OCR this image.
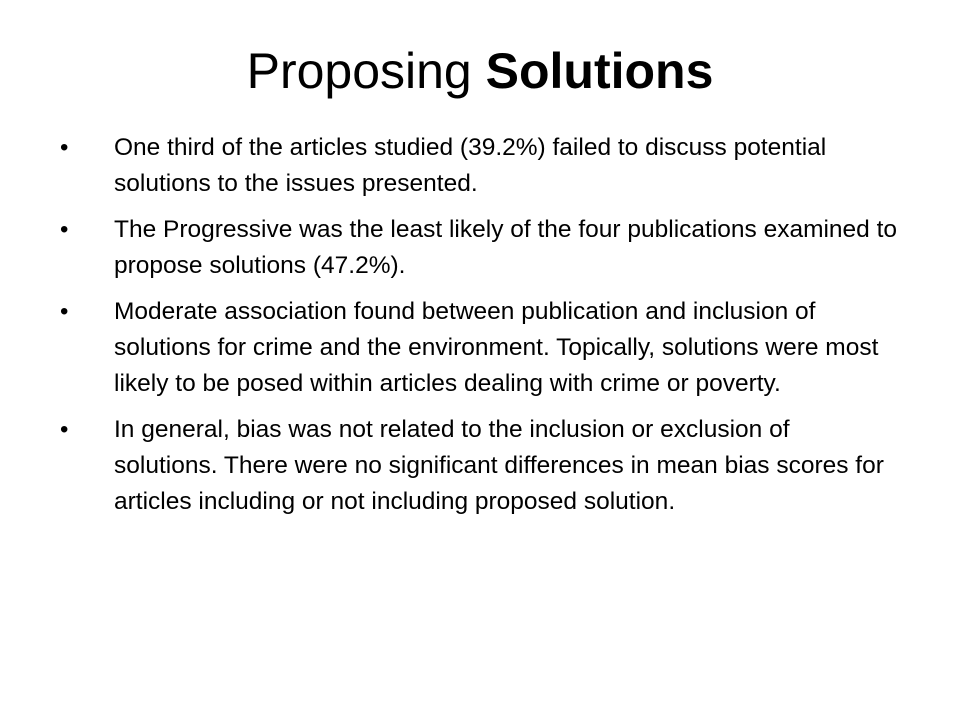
Proposing Solutions
•	One third of the articles studied (39.2%) failed to discuss potential solutions to the issues presented.
•	The Progressive was the least likely of the four publications examined to propose solutions (47.2%).
•	Moderate association found between publication and inclusion of solutions for crime and the environment. Topically, solutions were most likely to be posed within articles dealing with crime or poverty.
•	In general, bias was not related to the inclusion or exclusion of solutions. There were no significant differences in mean bias scores for articles including or not including proposed solution.
